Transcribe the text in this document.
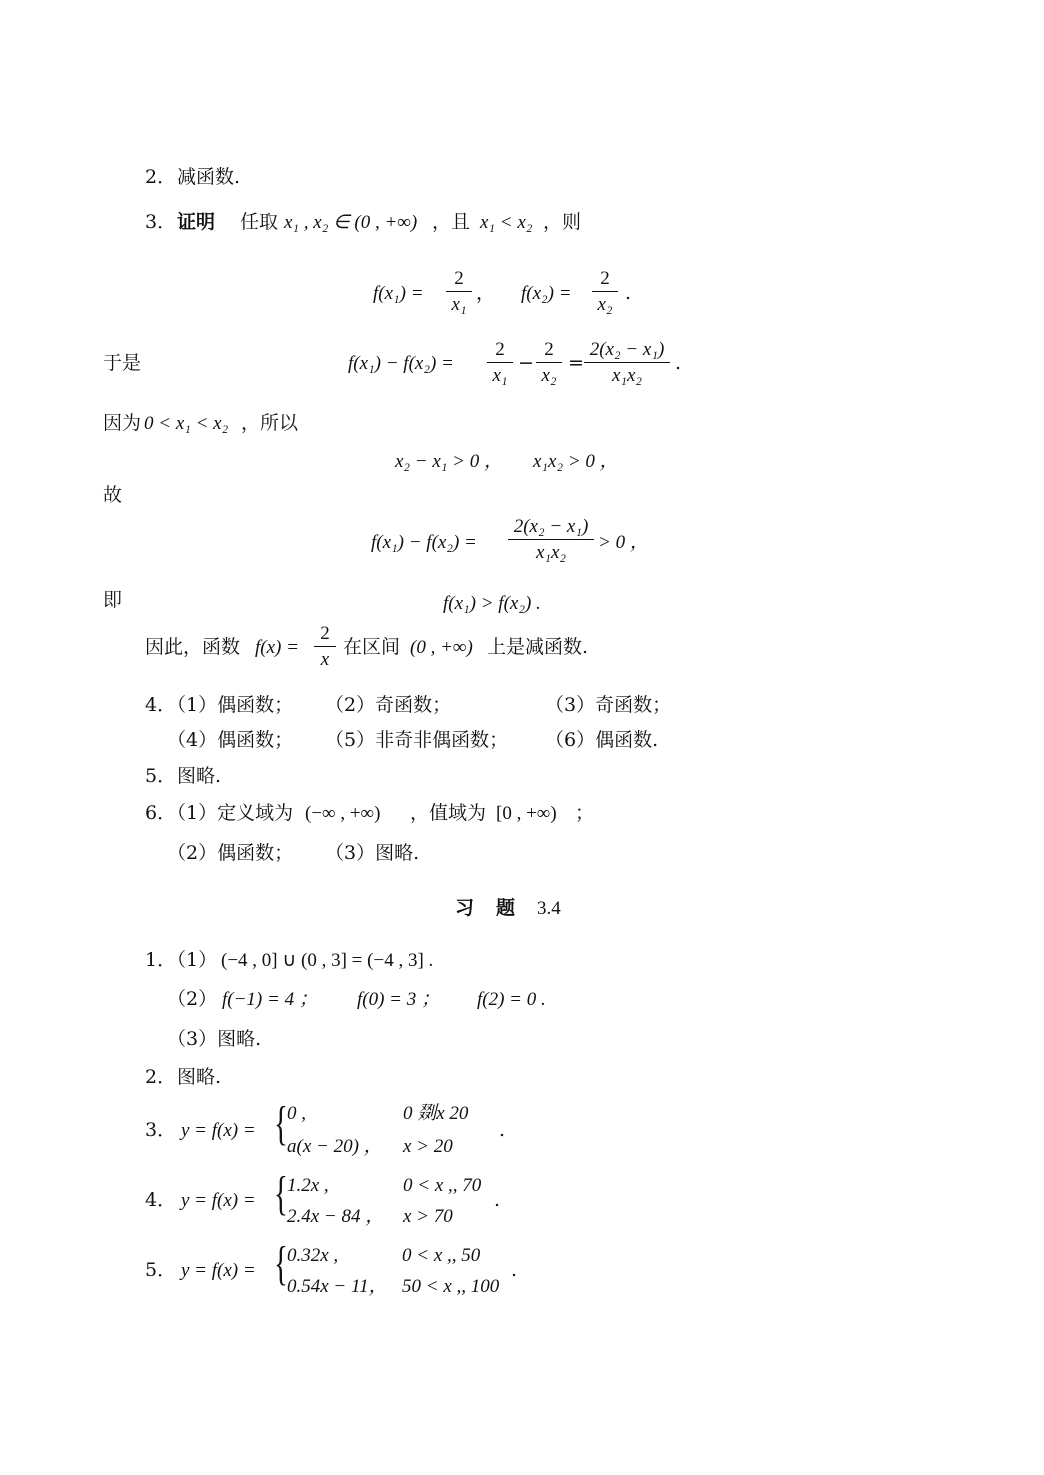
2． 减函数.
3． 证明 任取 x₁ , x₂ ∈ (0 , +∞) ，且 x₁ < x₂ ，则
f(x₁) =
2
x₁
， f(x₂) =
2
x₂
.
于是	f(x₁) − f(x₂) =
2
x₁
−
2
x₂
=
2(x₂ − x₁)
x₁x₂
.
因为 0 < x₁ < x₂ ，所以
x₂ − x₁ > 0 ， x₁x₂ > 0 ，
故
f(x₁) − f(x₂) =
2(x₂ − x₁)
x₁x₂	> 0 ，
即	f(x₁) > f(x₂) .
因此，函数 f(x) =
2
x
在区间 (0 , +∞) 上是减函数.
4．
（1）偶函数； （2）奇函数；	（3）奇函数；
（4）偶函数； （5）非奇非偶函数； （6）偶函数.
5． 图略.
6．
（1）定义域为 (−∞ , +∞) ，值域为 [0 , +∞) ；
（2）偶函数； （3）图略.
习 题 3.4
1．
（1） (−4 , 0] ∪ (0 , 3] = (−4 , 3] .
（2） f(−1) = 4 ； f(0) = 3 ； f(2) = 0 .
（3）图略.
2． 图略.
3． y = f(x) = { 0 ,	0 剟x 20
a(x − 20) ， x > 20
.
4． y = f(x) = { 1.2x ,	0 < x ,, 70
2.4x − 84 ， x > 70
.
5． y = f(x) = { 0.32x ,	0 < x ,, 50
0.54x − 11， 50 < x ,, 100
.
